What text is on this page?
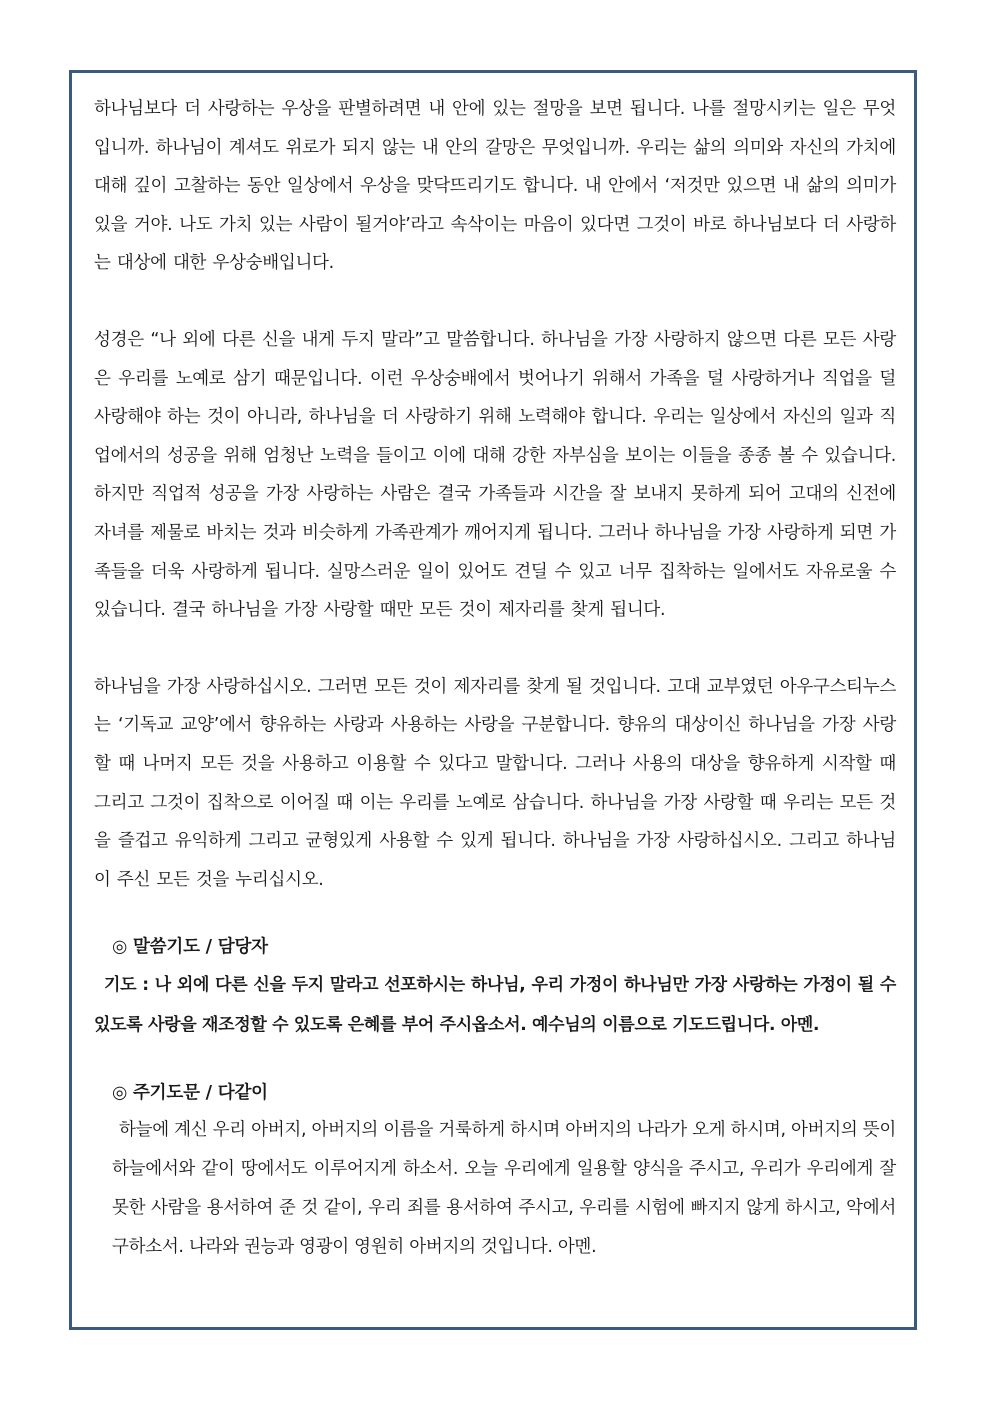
하나님보다 더 사랑하는 우상을 판별하려면 내 안에 있는 절망을 보면 됩니다. 나를 절망시키는 일은 무엇입니까. 하나님이 계셔도 위로가 되지 않는 내 안의 갈망은 무엇입니까. 우리는 삶의 의미와 자신의 가치에 대해 깊이 고찰하는 동안 일상에서 우상을 맞닥뜨리기도 합니다. 내 안에서 ‘저것만 있으면 내 삶의 의미가 있을 거야. 나도 가치 있는 사람이 될거야’라고 속삭이는 마음이 있다면 그것이 바로 하나님보다 더 사랑하는 대상에 대한 우상숭배입니다.

성경은 “나 외에 다른 신을 내게 두지 말라”고 말씀합니다. 하나님을 가장 사랑하지 않으면 다른 모든 사랑은 우리를 노예로 삼기 때문입니다. 이런 우상숭배에서 벗어나기 위해서 가족을 덜 사랑하거나 직업을 덜 사랑해야 하는 것이 아니라, 하나님을 더 사랑하기 위해 노력해야 합니다. 우리는 일상에서 자신의 일과 직업에서의 성공을 위해 엄청난 노력을 들이고 이에 대해 강한 자부심을 보이는 이들을 종종 볼 수 있습니다. 하지만 직업적 성공을 가장 사랑하는 사람은 결국 가족들과 시간을 잘 보내지 못하게 되어 고대의 신전에 자녀를 제물로 바치는 것과 비슷하게 가족관계가 깨어지게 됩니다. 그러나 하나님을 가장 사랑하게 되면 가족들을 더욱 사랑하게 됩니다. 실망스러운 일이 있어도 견딜 수 있고 너무 집착하는 일에서도 자유로울 수 있습니다. 결국 하나님을 가장 사랑할 때만 모든 것이 제자리를 찾게 됩니다.

하나님을 가장 사랑하십시오. 그러면 모든 것이 제자리를 찾게 될 것입니다. 고대 교부였던 아우구스티누스는 ‘기독교 교양’에서 향유하는 사랑과 사용하는 사랑을 구분합니다. 향유의 대상이신 하나님을 가장 사랑할 때 나머지 모든 것을 사용하고 이용할 수 있다고 말합니다. 그러나 사용의 대상을 향유하게 시작할 때 그리고 그것이 집착으로 이어질 때 이는 우리를 노예로 삼습니다. 하나님을 가장 사랑할 때 우리는 모든 것을 즐겁고 유익하게 그리고 균형있게 사용할 수 있게 됩니다. 하나님을 가장 사랑하십시오. 그리고 하나님이 주신 모든 것을 누리십시오.

◎ 말씀기도 / 담당자

기도 : 나 외에 다른 신을 두지 말라고 선포하시는 하나님, 우리 가정이 하나님만 가장 사랑하는 가정이 될 수 있도록 사랑을 재조정할 수 있도록 은혜를 부어 주시옵소서. 예수님의 이름으로 기도드립니다. 아멘.

◎ 주기도문 / 다같이

하늘에 계신 우리 아버지, 아버지의 이름을 거룩하게 하시며 아버지의 나라가 오게 하시며, 아버지의 뜻이 하늘에서와 같이 땅에서도 이루어지게 하소서. 오늘 우리에게 일용할 양식을 주시고, 우리가 우리에게 잘못한 사람을 용서하여 준 것 같이, 우리 죄를 용서하여 주시고, 우리를 시험에 빠지지 않게 하시고, 악에서 구하소서. 나라와 권능과 영광이 영원히 아버지의 것입니다. 아멘.
